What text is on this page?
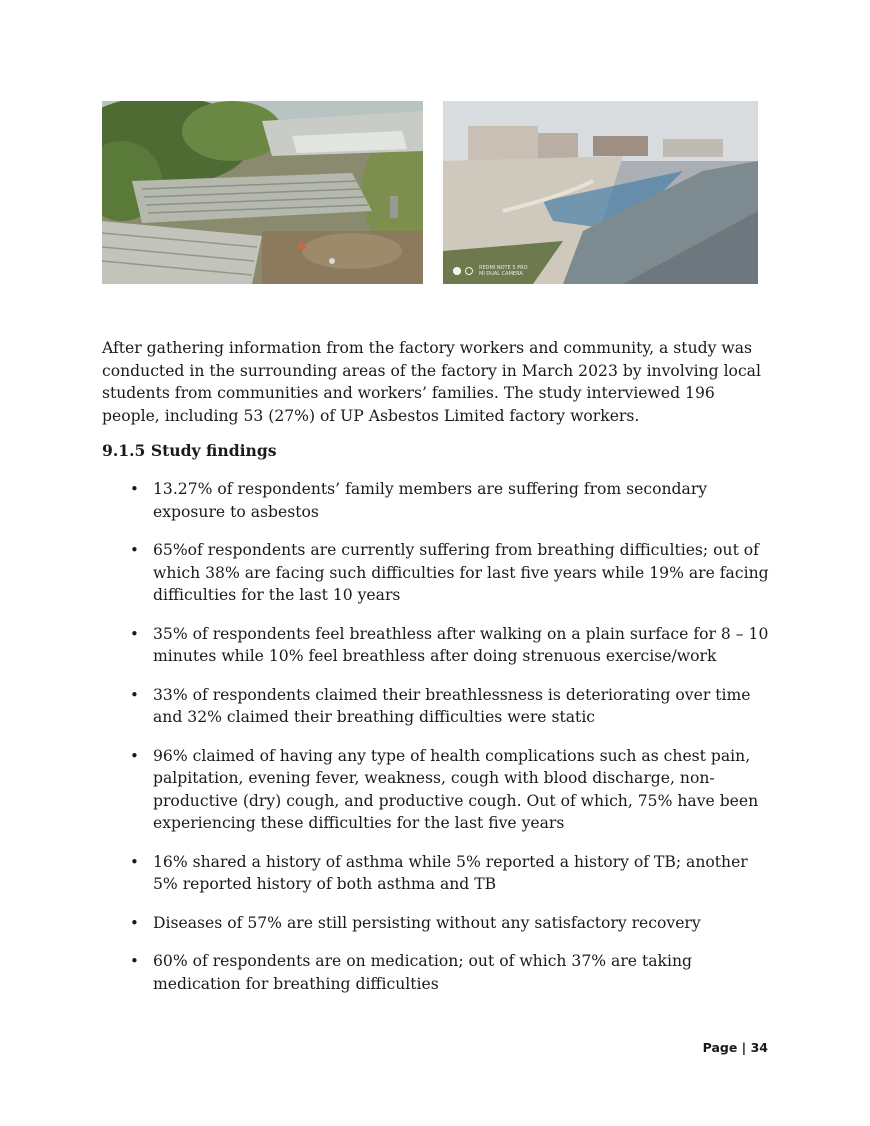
REDMI NOTE 5 PRO
MI DUAL CAMERA

After gathering information from the factory workers and community, a study was conducted in the surrounding areas of the factory in March 2023 by involving local students from communities and workers’ families. The study interviewed 196 people, including 53 (27%) of UP Asbestos Limited factory workers.

9.1.5 Study findings
• 13.27% of respondents’ family members are suffering from secondary exposure to asbestos
• 65%of respondents are currently suffering from breathing difficulties; out of which 38% are facing such difficulties for last five years while 19% are facing difficulties for the last 10 years
• 35% of respondents feel breathless after walking on a plain surface for 8 – 10 minutes while 10% feel breathless after doing strenuous exercise/work
• 33% of respondents claimed their breathlessness is deteriorating over time and 32% claimed their breathing difficulties were static
• 96% claimed of having any type of health complications such as chest pain, palpitation, evening fever, weakness, cough with blood discharge, non-productive (dry) cough, and productive cough. Out of which, 75% have been experiencing these difficulties for the last five years
• 16% shared a history of asthma while 5% reported a history of TB; another 5% reported history of both asthma and TB
• Diseases of 57% are still persisting without any satisfactory recovery
• 60% of respondents are on medication; out of which 37% are taking medication for breathing difficulties
Page | 34
